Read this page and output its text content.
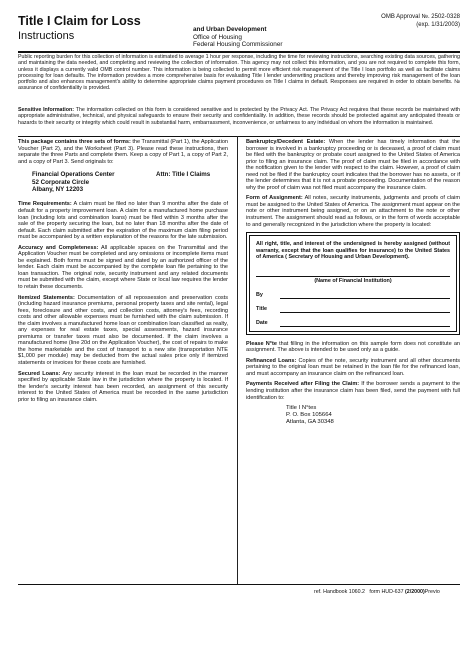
Title I Claim for Loss
Instructions
and Urban Development
Office of Housing
Federal Housing Commissioner
OMB Approval №. 2502-0328
(exp. 1/31/2003)
Public reporting burden for this collection of information is estimated to average 1 hour per response, including the time for reviewing instructions, searching existing data sources, gathering and maintaining the data needed, and completing and reviewing the collection of information. This agency may not collect this information, and you are not required to complete this form, unless it displays a currently valid OMB control number. This information is being collected to permit more efficient risk management of the Title I loan portfolio as well as facilitate claims processing for loan defaults. The information provides a more comprehensive basis for evaluating Title I lender underwriting practices and thereby improving risk management of the loan portfolio and also enhances management's ability to determine appropriate claims payment procedures on Title I claims in default. Responses are required in order to obtain benefits. № assurance of confidentiality is provided.
Sensitive Information: The information collected on this form is considered sensitive and is protected by the Privacy Act. The Privacy Act requires that these records be maintained with appropriate administrative, technical, and physical safeguards to ensure their security and confidentiality. In addition, these records should be protected against any anticipated threats or hazards to their security or integrity which could result in substantial harm, embarrassment, inconvenience, or unfairness to any individual on whom the information is maintained.

This package contains three sets of forms: the Transmittal (Part 1), the Application Voucher (Part 2), and the Worksheet (Part 3). Please read these instructions, then separate the three Parts and complete them. Keep a copy of Part 1, a copy of Part 2, and a copy of Part 3. Send originals to:

Financial Operations Center
52 Corporate Circle
Albany, NY 12203
Attn: Title I Claims

Time Requirements: A claim must be filed no later than 9 months after the date of default for a property improvement loan. A claim for a manufactured home purchase loan (including lots and combination loans) must be filed within 3 months after the sale of the property securing the loan, but no later than 18 months after the date of default. Each claim submitted after the expiration of the maximum claim filing period must be accompanied by a written explanation of the reasons for the late submission.

Accuracy and Completeness: All applicable spaces on the Transmittal and the Application Voucher must be completed and any omissions or incomplete items must be explained. Both forms must be signed and dated by an authorized officer of the lender. Each claim must be accompanied by the complete loan file pertaining to the loan transaction. The original note, security instrument and any related documents must be submitted with the claim, except where State or local law requires the lender to retain these documents.

Itemized Statements: Documentation of all repossession and preservation costs (including hazard insurance premiums, personal property taxes and site rental), legal fees, foreclosure and other costs, and collection costs, attorney's fees, recording costs and other allowable expenses must be furnished with the claim submission. If the claim involves a manufactured home loan or combination loan classified as realty, any expenses for real estate taxes, special assessments, hazard insurance premiums or transfer taxes must also be documented. If the claim involves a manufactured home (line 20d on the Application Voucher), the cost of repairs to make the home marketable and the cost of transport to a new site (transportation NTE $1,000 per module) may be deducted from the actual sales price only if itemized statements or invoices for these costs are furnished.

Secured Loans: Any security interest in the loan must be recorded in the manner specified by applicable State law in the jurisdiction where the property is located. If the lender's security interest has been recorded, an assignment of this security interest to the United States of America must be recorded in the same jurisdiction prior to filing an insurance claim.

Bankruptcy/Decedent Estate: When the lender has timely information that the borrower is involved in a bankruptcy proceeding or is deceased, a proof of claim must be filed with the bankruptcy or probate court assigned to the United States of America prior to filing an insurance claim. The proof of claim must be filed in accordance with the notification given to the lender with respect to the claim. However, a proof of claim need not be filed if the bankruptcy court indicates that the borrower has no assets, or if the lender determines that it is not a probate proceeding. Documentation of the reason why the proof of claim was not filed must accompany the insurance claim.

Form of Assignment: All notes, security instruments, judgments and proofs of claim must be assigned to the United States of America. The assignment must appear on the note or other instrument being assigned, or on an attachment to the note or other instrument. The assignment should read as follows, or in the form of words acceptable to and generally recognized in the jurisdiction where the property is located:

All right, title, and interest of the undersigned is hereby assigned (without warranty, except that the loan qualifies for insurance) to the United States of America ( Secretary of Housing and Urban Development).
(Name of Financial Institution)
By
Title
Date

Please N°te that filling in the information on this sample form does not constitute an assignment. The above is intended to be used only as a guide.

Refinanced Loans: Copies of the note, security instrument and all other documents pertaining to the original loan must be retained in the loan file for the refinanced loan, and must accompany an insurance claim on the refinanced loan.

Payments Received after Filing the Claim: If the borrower sends a payment to the lending institution after the insurance claim has been filed, send the payment with full identification to:

Title I N°tes
P. O. Box 105664
Atlanta, GA 30348
ref. Handbook 1060.2 form HUD-637 (2/2000)Previo
